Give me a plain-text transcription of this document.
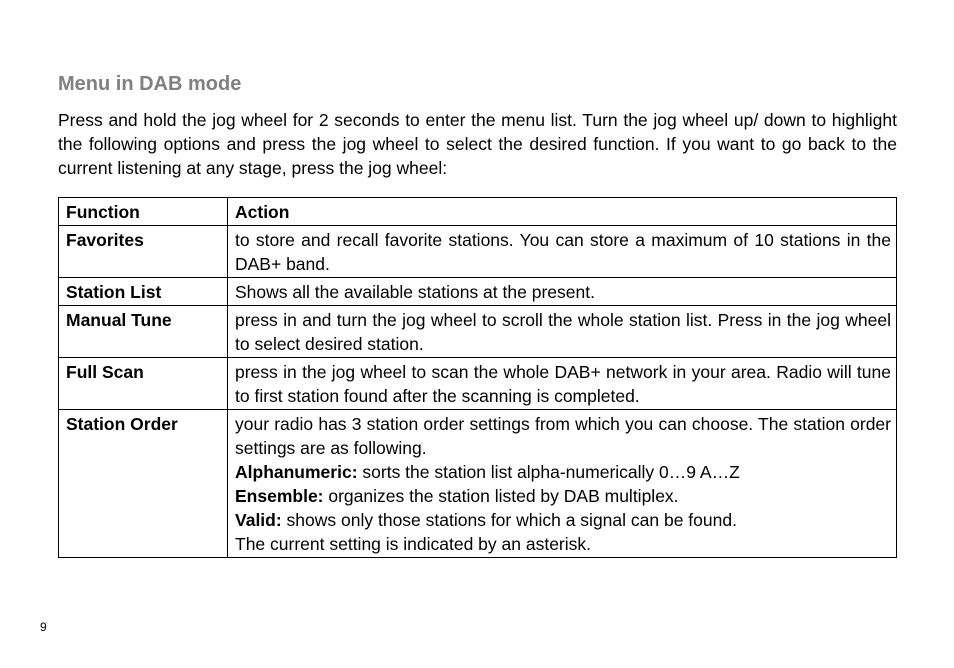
Menu in DAB mode

Press and hold the jog wheel for 2 seconds to enter the menu list. Turn the jog wheel up/ down to highlight the following options and press the jog wheel to select the desired function. If you want to go back to the current listening at any stage, press the jog wheel:

Function	Action
Favorites	to store and recall favorite stations. You can store a maximum of 10 stations in the DAB+ band.
Station List	Shows all the available stations at the present.
Manual Tune	press in and turn the jog wheel to scroll the whole station list. Press in the jog wheel to select desired station.
Full Scan	press in the jog wheel to scan the whole DAB+ network in your area. Radio will tune to first station found after the scanning is completed.
Station Order	your radio has 3 station order settings from which you can choose. The station order settings are as following.
Alphanumeric: sorts the station list alpha-numerically 0…9 A…Z
Ensemble: organizes the station listed by DAB multiplex.
Valid: shows only those stations for which a signal can be found.
The current setting is indicated by an asterisk.
9
